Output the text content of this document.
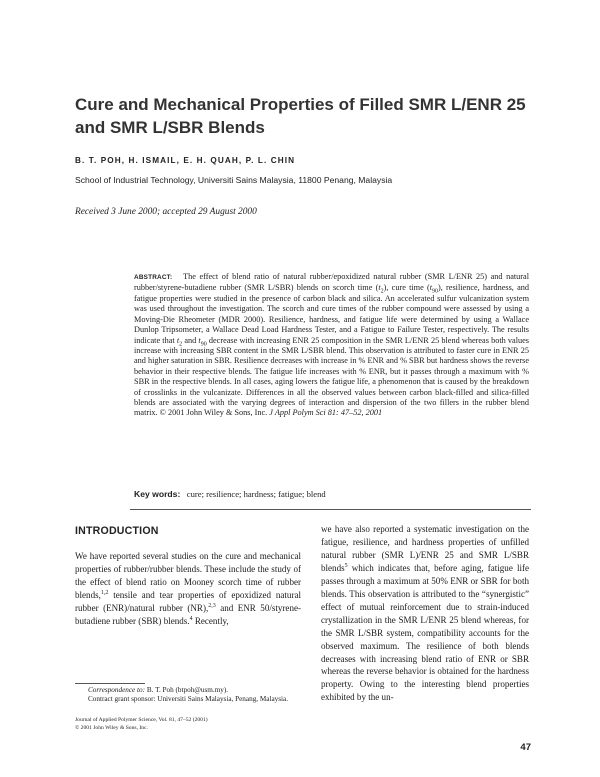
Cure and Mechanical Properties of Filled SMR L/ENR 25 and SMR L/SBR Blends
B. T. POH, H. ISMAIL, E. H. QUAH, P. L. CHIN
School of Industrial Technology, Universiti Sains Malaysia, 11800 Penang, Malaysia
Received 3 June 2000; accepted 29 August 2000
ABSTRACT: The effect of blend ratio of natural rubber/epoxidized natural rubber (SMR L/ENR 25) and natural rubber/styrene-butadiene rubber (SMR L/SBR) blends on scorch time $(t_2)$, cure time $(t_{90})$, resilience, hardness, and fatigue properties were studied in the presence of carbon black and silica. An accelerated sulfur vulcanization system was used throughout the investigation. The scorch and cure times of the rubber compound were assessed by using a Moving-Die Rheometer (MDR 2000). Resilience, hardness, and fatigue life were determined by using a Wallace Dunlop Tripsometer, a Wallace Dead Load Hardness Tester, and a Fatigue to Failure Tester, respectively. The results indicate that $t_2$ and $t_{90}$ decrease with increasing ENR 25 composition in the SMR L/ENR 25 blend whereas both values increase with increasing SBR content in the SMR L/SBR blend. This observation is attributed to faster cure in ENR 25 and higher saturation in SBR. Resilience decreases with increase in % ENR and % SBR but hardness shows the reverse behavior in their respective blends. The fatigue life increases with % ENR, but it passes through a maximum with % SBR in the respective blends. In all cases, aging lowers the fatigue life, a phenomenon that is caused by the breakdown of crosslinks in the vulcanizate. Differences in all the observed values between carbon black-filled and silica-filled blends are associated with the varying degrees of interaction and dispersion of the two fillers in the rubber blend matrix. © 2001 John Wiley & Sons, Inc. J Appl Polym Sci 81: 47–52, 2001
Key words: cure; resilience; hardness; fatigue; blend
INTRODUCTION

We have reported several studies on the cure and mechanical properties of rubber/rubber blends. These include the study of the effect of blend ratio on Mooney scorch time of rubber blends,$^{1,2}$ tensile and tear properties of epoxidized natural rubber (ENR)/natural rubber (NR),$^{2,3}$ and ENR 50/styrene-butadiene rubber (SBR) blends.$^4$ Recently,

we have also reported a systematic investigation on the fatigue, resilience, and hardness properties of unfilled natural rubber (SMR L)/ENR 25 and SMR L/SBR blends$^5$ which indicates that, before aging, fatigue life passes through a maximum at 50% ENR or SBR for both blends. This observation is attributed to the “synergistic” effect of mutual reinforcement due to strain-induced crystallization in the SMR L/ENR 25 blend whereas, for the SMR L/SBR system, compatibility accounts for the observed maximum. The resilience of both blends decreases with increasing blend ratio of ENR or SBR whereas the reverse behavior is obtained for the hardness property. Owing to the interesting blend properties exhibited by the un-

Correspondence to: B. T. Poh (btpoh@usm.my).
Contract grant sponsor: Universiti Sains Malaysia, Penang, Malaysia.
Journal of Applied Polymer Science, Vol. 81, 47–52 (2001)
© 2001 John Wiley & Sons, Inc.
47
